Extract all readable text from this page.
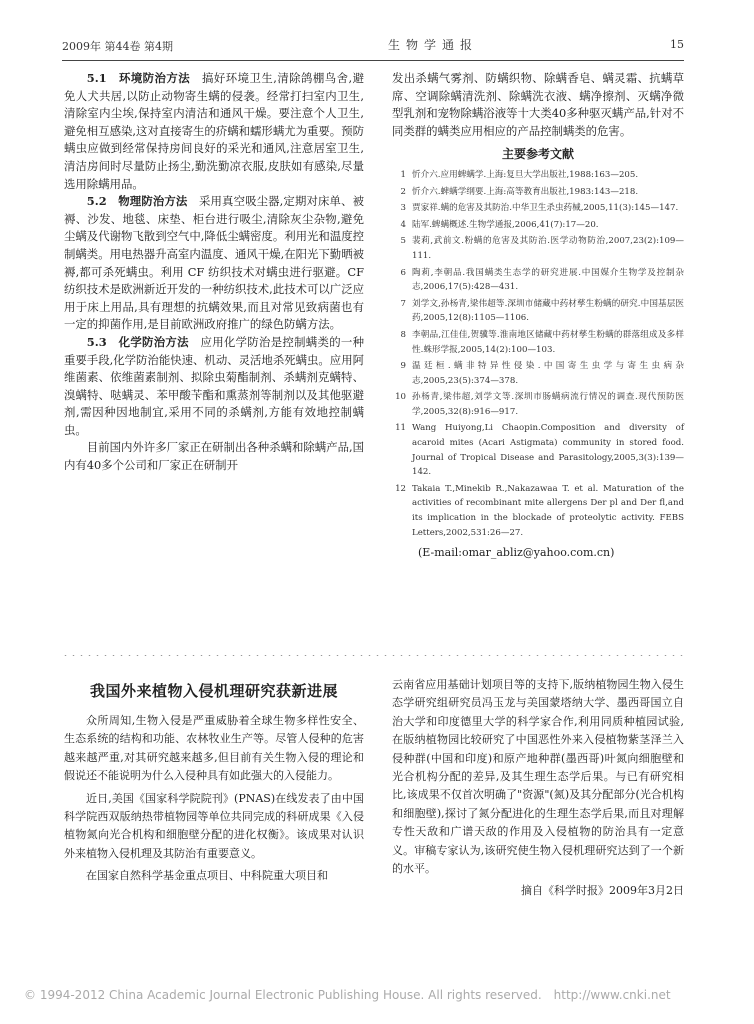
2009年 第44卷 第4期	生物学通报	15

5.1　环境防治方法　 搞好环境卫生,清除鸽棚鸟舍,避免人犬共居,以防止动物寄生螨的侵袭。经常打扫室内卫生,清除室内尘埃,保持室内清洁和通风干燥。要注意个人卫生,避免相互感染,这对直接寄生的疥螨和蠕形螨尤为重要。预防螨虫应做到经常保持房间良好的采光和通风,注意居室卫生,清洁房间时尽量防止扬尘,勤洗勤凉衣服,皮肤如有感染,尽量选用除螨用品。

5.2　物理防治方法　 采用真空吸尘器,定期对床单、被褥、沙发、地毯、床垫、柜台进行吸尘,清除灰尘杂物,避免尘螨及代谢物飞散到空气中,降低尘螨密度。利用光和温度控制螨类。用电热器升高室内温度、通风干燥,在阳光下勤晒被褥,都可杀死螨虫。利用 CF 纺织技术对螨虫进行驱避。CF 纺织技术是欧洲新近开发的一种纺织技术,此技术可以广泛应用于床上用品,具有理想的抗螨效果,而且对常见致病菌也有一定的抑菌作用,是目前欧洲政府推广的绿色防螨方法。

5.3　化学防治方法　 应用化学防治是控制螨类的一种重要手段,化学防治能快速、机动、灵活地杀死螨虫。应用阿维菌素、依维菌素制剂、拟除虫菊酯制剂、杀螨剂克螨特、溴螨特、哒螨灵、苯甲酸苄酯和熏蒸剂等制剂以及其他驱避剂,需因种因地制宜,采用不同的杀螨剂,方能有效地控制螨虫。

目前国内外许多厂家正在研制出各种杀螨和除螨产品,国内有40多个公司和厂家正在研制开

发出杀螨气雾剂、防螨织物、除螨香皂、螨灵霜、抗螨草席、空调除螨清洗剂、除螨洗衣液、螨净擦剂、灭螨净微型乳剂和宠物除螨浴液等十大类40多种驱灭螨产品,针对不同类群的螨类应用相应的产品控制螨类的危害。

主要参考文献
1 忻介六.应用蜱螨学.上海:复旦大学出版社,1988:163—205.
2 忻介六.蜱螨学纲要.上海:高等教育出版社,1983:143—218.
3 贾家祥.螨的危害及其防治.中华卫生杀虫药械,2005,11(3):145—147.
4 陆军.蜱螨概述.生物学通报,2006,41(7):17—20.
5 裴莉,武前文.粉螨的危害及其防治.医学动物防治,2007,23(2):109—111.
6 陶莉,李朝品.我国螨类生态学的研究进展.中国媒介生物学及控制杂志,2006,17(5):428—431.
7 刘学文,孙杨青,梁伟超等.深圳市储藏中药材孳生粉螨的研究.中国基层医药,2005,12(8):1105—1106.
8 李朝品,江佳佳,贺骥等.淮南地区储藏中药材孳生粉螨的群落组成及多样性.蛛形学报,2005,14(2):100—103.
9 温廷桓.螨非特异性侵染.中国寄生虫学与寄生虫病杂志,2005,23(5):374—378.
10 孙杨青,梁伟超,刘学文等.深圳市肠螨病流行情况的调查.现代预防医学,2005,32(8):916—917.
11 Wang Huiyong,Li Chaopin.Composition and diversity of acaroid mites (Acari Astigmata) community in stored food. Journal of Tropical Disease and Parasitology,2005,3(3):139—142.
12 Takaia T.,Minekib R.,Nakazawaa T. et al. Maturation of the activities of recombinant mite allergens Der pl and Der fl,and its implication in the blockade of proteolytic activity. FEBS Letters,2002,531:26—27.
(E-mail:omar_abliz@yahoo.com.cn)
我国外来植物入侵机理研究获新进展

众所周知,生物入侵是严重威胁着全球生物多样性安全、生态系统的结构和功能、农林牧业生产等。尽管人侵种的危害越来越严重,对其研究越来越多,但目前有关生物入侵的理论和假说还不能说明为什么入侵种具有如此强大的入侵能力。

近日,美国《国家科学院院刊》(PNAS)在线发表了由中国科学院西双版纳热带植物园等单位共同完成的科研成果《入侵植物氮向光合机构和细胞壁分配的进化权衡》。该成果对认识外来植物入侵机理及其防治有重要意义。

在国家自然科学基金重点项目、中科院重大项目和

云南省应用基础计划项目等的支持下,版纳植物园生物入侵生态学研究组研究员冯玉龙与美国蒙塔纳大学、墨西哥国立自治大学和印度德里大学的科学家合作,利用同质种植园试验,在版纳植物园比较研究了中国恶性外来入侵植物紫茎泽兰入侵种群(中国和印度)和原产地种群(墨西哥)叶氮向细胞壁和光合机构分配的差异,及其生理生态学后果。与已有研究相比,该成果不仅首次明确了"资源"(氮)及其分配部分(光合机构和细胞壁),探讨了氮分配进化的生理生态学后果,而且对理解专性天敌和广谱天敌的作用及入侵植物的防治具有一定意义。审稿专家认为,该研究使生物入侵机理研究达到了一个新的水平。

摘自《科学时报》2009年3月2日
© 1994-2012 China Academic Journal Electronic Publishing House. All rights reserved.　http://www.cnki.net
